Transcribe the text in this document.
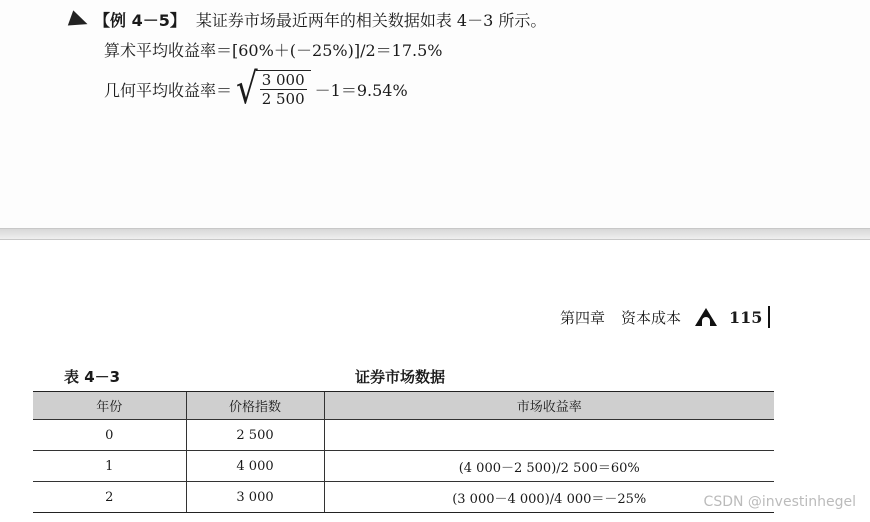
【例 4－5】 某证券市场最近两年的相关数据如表 4－3 所示。
算术平均收益率＝[60%＋(－25%)]/2＝17.5%
几何平均收益率＝ √
$\frac{3 000}{2 500} -1=9.54\%$
第四章 资本成本	115
表 4－3	证券市场数据
年份	价格指数	市场收益率
0	2 500	
1	4 000	(4 000－2 500)/2 500＝60%
2	3 000	(3 000－4 000)/4 000＝－25%	CSDN @investinhegel
